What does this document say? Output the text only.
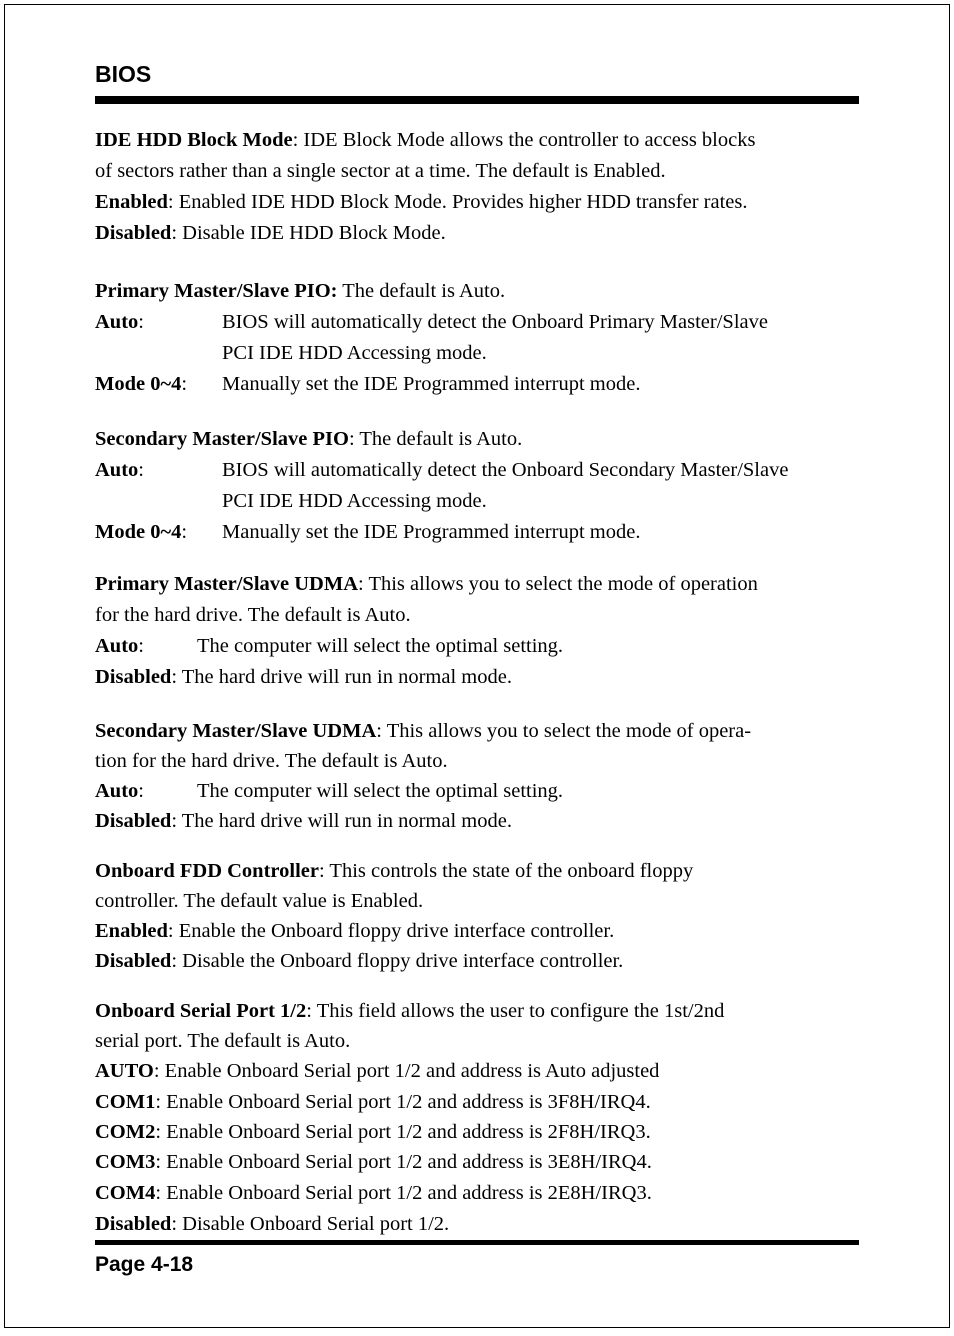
BIOS
IDE HDD Block Mode: IDE Block Mode allows the controller to access blocks
of sectors rather than a single sector at a time. The default is Enabled.
Enabled: Enabled IDE HDD Block Mode. Provides higher HDD transfer rates.
Disabled: Disable IDE HDD Block Mode.
Primary Master/Slave PIO: The default is Auto.
Auto:	BIOS will automatically detect the Onboard Primary Master/Slave
PCI IDE HDD Accessing mode.
Mode 0~4: Manually set the IDE Programmed interrupt mode.
Secondary Master/Slave PIO: The default is Auto.
Auto:	BIOS will automatically detect the Onboard Secondary Master/Slave
PCI IDE HDD Accessing mode.
Mode 0~4: Manually set the IDE Programmed interrupt mode.
Primary Master/Slave UDMA: This allows you to select the mode of operation
for the hard drive. The default is Auto.
Auto:	The computer will select the optimal setting.
Disabled: The hard drive will run in normal mode.
Secondary Master/Slave UDMA: This allows you to select the mode of opera-
tion for the hard drive. The default is Auto.
Auto:	The computer will select the optimal setting.
Disabled: The hard drive will run in normal mode.
Onboard FDD Controller: This controls the state of the onboard floppy
controller. The default value is Enabled.
Enabled: Enable the Onboard floppy drive interface controller.
Disabled: Disable the Onboard floppy drive interface controller.
Onboard Serial Port 1/2: This field allows the user to configure the 1st/2nd
serial port. The default is Auto.
AUTO: Enable Onboard Serial port 1/2 and address is Auto adjusted
COM1: Enable Onboard Serial port 1/2 and address is 3F8H/IRQ4.
COM2: Enable Onboard Serial port 1/2 and address is 2F8H/IRQ3.
COM3: Enable Onboard Serial port 1/2 and address is 3E8H/IRQ4.
COM4: Enable Onboard Serial port 1/2 and address is 2E8H/IRQ3.
Disabled: Disable Onboard Serial port 1/2.
Page 4-18
